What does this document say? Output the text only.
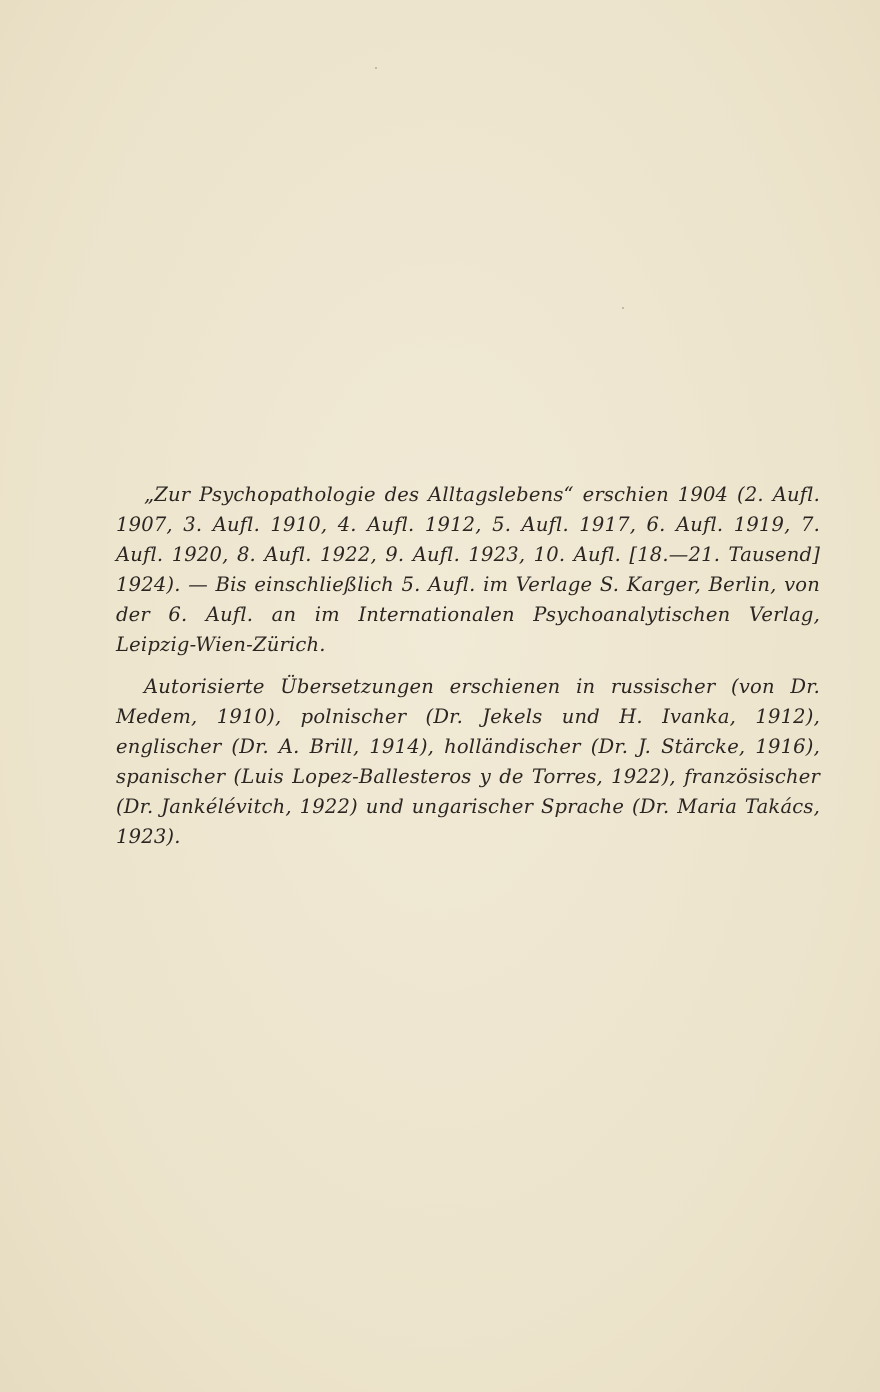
„Zur Psychopathologie des Alltagslebens“ erschien 1904 (2. Aufl. 1907, 3. Aufl. 1910, 4. Aufl. 1912, 5. Aufl. 1917, 6. Aufl. 1919, 7. Aufl. 1920, 8. Aufl. 1922, 9. Aufl. 1923, 10. Aufl. [18.—21. Tausend] 1924). — Bis einschließlich 5. Aufl. im Verlage S. Karger, Berlin, von der 6. Aufl. an im Internationalen Psychoanalytischen Verlag, Leipzig-Wien-Zürich.

Autorisierte Übersetzungen erschienen in russischer (von Dr. Medem, 1910), polnischer (Dr. Jekels und H. Ivanka, 1912), englischer (Dr. A. Brill, 1914), holländischer (Dr. J. Stärcke, 1916), spanischer (Luis Lopez-Ballesteros y de Torres, 1922), französischer (Dr. Jankélévitch, 1922) und ungarischer Sprache (Dr. Maria Takács, 1923).
